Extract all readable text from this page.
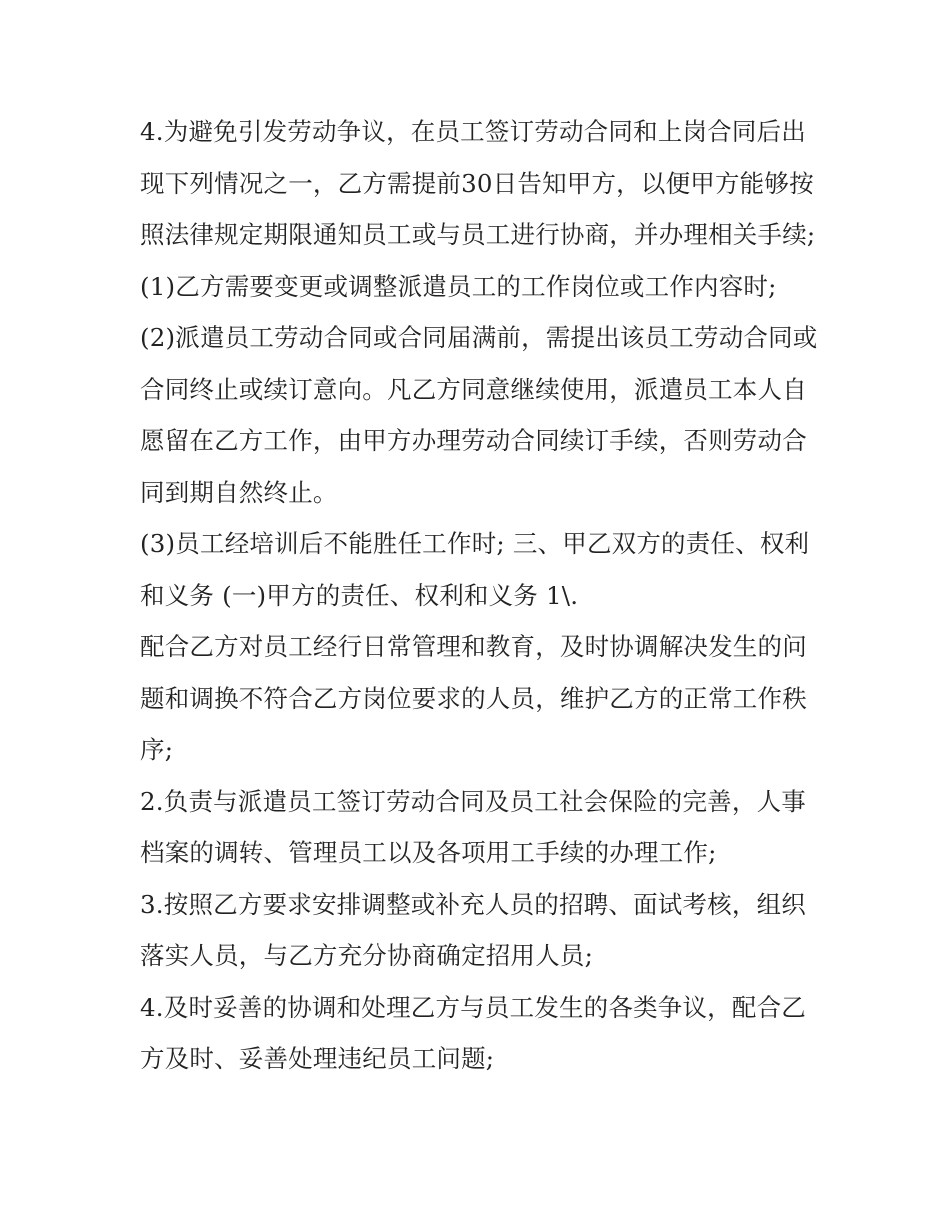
4.为避免引发劳动争议，在员工签订劳动合同和上岗合同后出现下列情况之一，乙方需提前30日告知甲方，以便甲方能够按照法律规定期限通知员工或与员工进行协商，并办理相关手续;

(1)乙方需要变更或调整派遣员工的工作岗位或工作内容时;

(2)派遣员工劳动合同或合同届满前，需提出该员工劳动合同或合同终止或续订意向。凡乙方同意继续使用，派遣员工本人自愿留在乙方工作，由甲方办理劳动合同续订手续，否则劳动合同到期自然终止。

(3)员工经培训后不能胜任工作时; 三、甲乙双方的责任、权利和义务 (一)甲方的责任、权利和义务 1\.

配合乙方对员工经行日常管理和教育，及时协调解决发生的问题和调换不符合乙方岗位要求的人员，维护乙方的正常工作秩序;

2.负责与派遣员工签订劳动合同及员工社会保险的完善，人事档案的调转、管理员工以及各项用工手续的办理工作;

3.按照乙方要求安排调整或补充人员的招聘、面试考核，组织落实人员，与乙方充分协商确定招用人员;

4.及时妥善的协调和处理乙方与员工发生的各类争议，配合乙方及时、妥善处理违纪员工问题;
